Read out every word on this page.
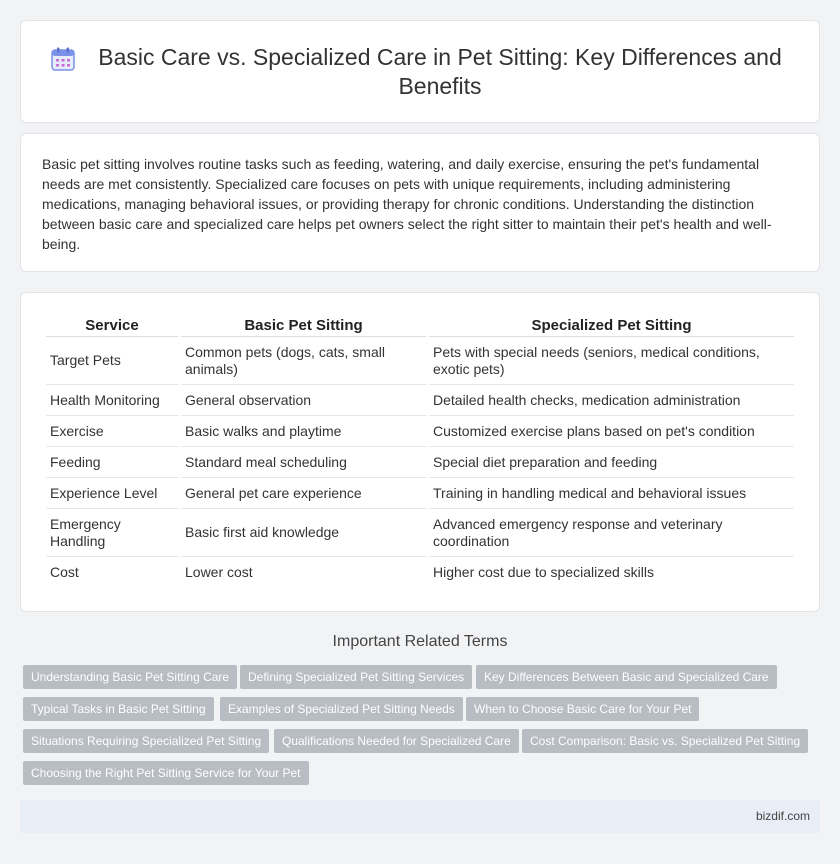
Basic Care vs. Specialized Care in Pet Sitting: Key Differences and Benefits

Basic pet sitting involves routine tasks such as feeding, watering, and daily exercise, ensuring the pet's fundamental needs are met consistently. Specialized care focuses on pets with unique requirements, including administering medications, managing behavioral issues, or providing therapy for chronic conditions. Understanding the distinction between basic care and specialized care helps pet owners select the right sitter to maintain their pet's health and well-being.

Service	Basic Pet Sitting	Specialized Pet Sitting
Target Pets	Common pets (dogs, cats, small animals)	Pets with special needs (seniors, medical conditions, exotic pets)
Health Monitoring	General observation	Detailed health checks, medication administration
Exercise	Basic walks and playtime	Customized exercise plans based on pet's condition
Feeding	Standard meal scheduling	Special diet preparation and feeding
Experience Level	General pet care experience	Training in handling medical and behavioral issues
Emergency Handling	Basic first aid knowledge	Advanced emergency response and veterinary coordination
Cost	Lower cost	Higher cost due to specialized skills
Important Related Terms
Understanding Basic Pet Sitting Care	Defining Specialized Pet Sitting Services	Key Differences Between Basic and Specialized Care
Typical Tasks in Basic Pet Sitting	Examples of Specialized Pet Sitting Needs	When to Choose Basic Care for Your Pet
Situations Requiring Specialized Pet Sitting	Qualifications Needed for Specialized Care	Cost Comparison: Basic vs. Specialized Pet Sitting
Choosing the Right Pet Sitting Service for Your Pet
bizdif.com
